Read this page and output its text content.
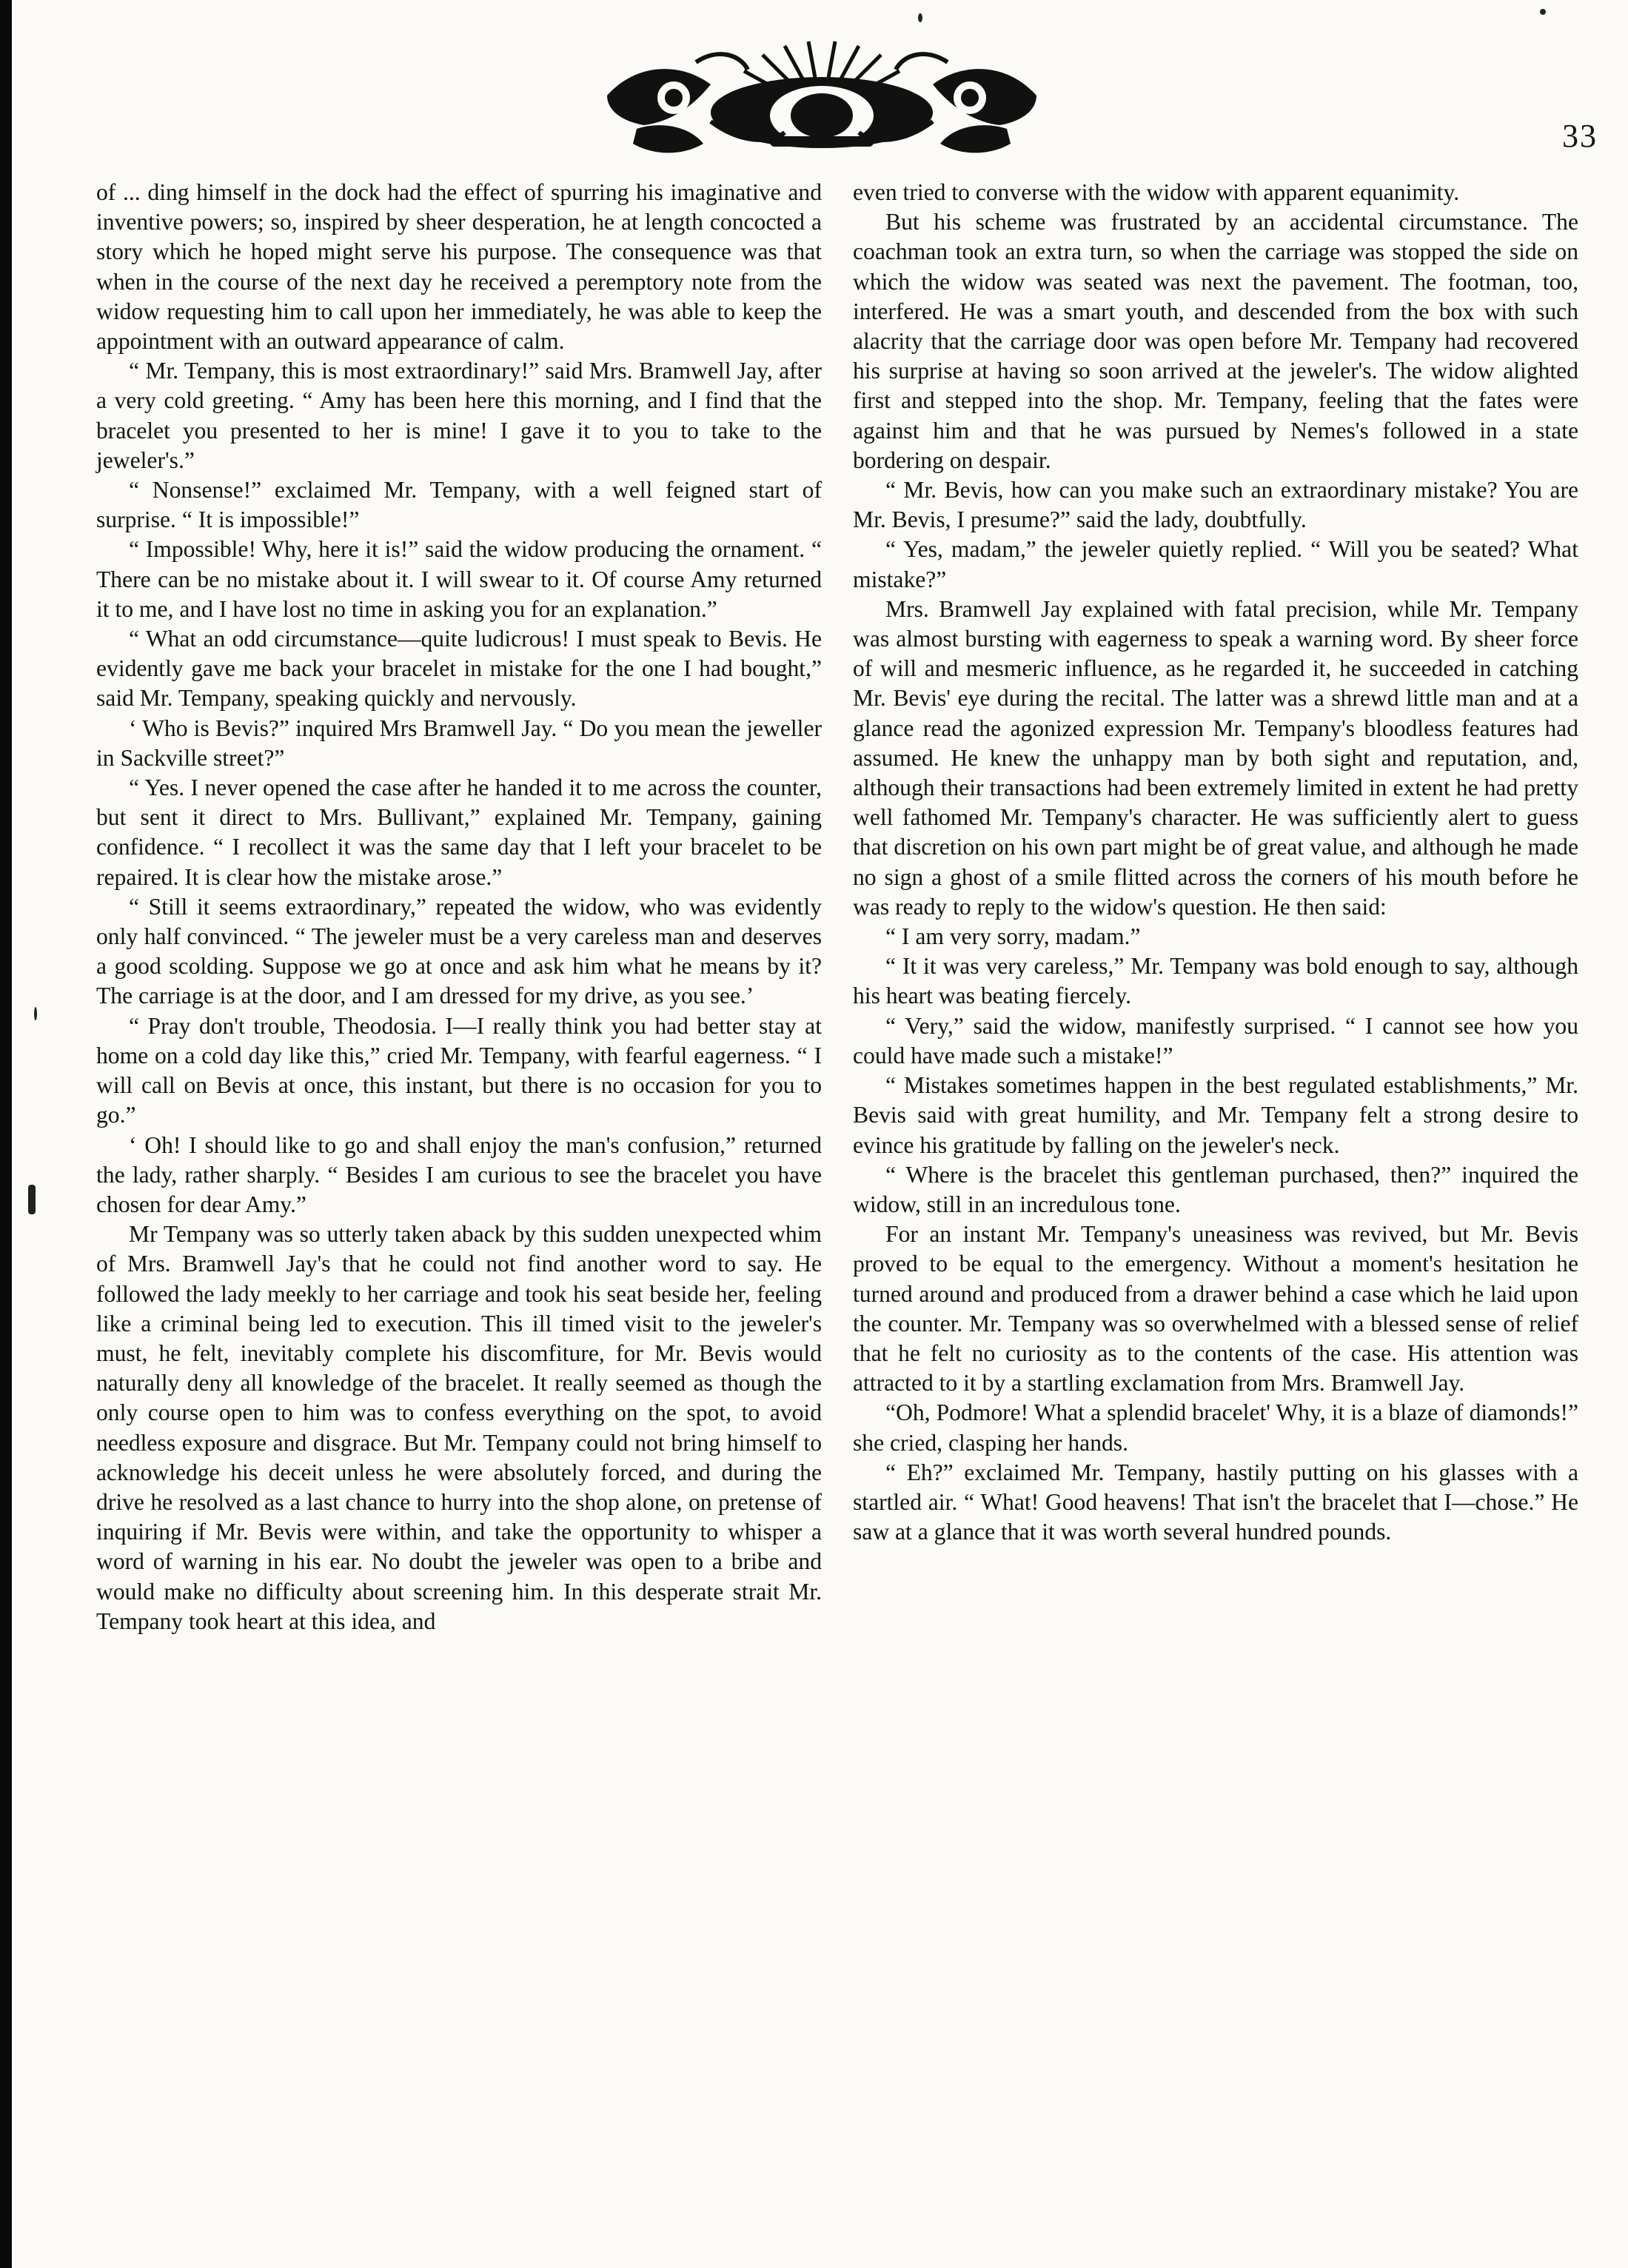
33

of ... ding himself in the dock had the effect of spurring his imaginative and inventive powers; so, inspired by sheer desperation, he at length concocted a story which he hoped might serve his purpose. The consequence was that when in the course of the next day he received a peremptory note from the widow requesting him to call upon her immediately, he was able to keep the appointment with an outward appearance of calm.

“ Mr. Tempany, this is most extraordinary!” said Mrs. Bramwell Jay, after a very cold greeting. “ Amy has been here this morning, and I find that the bracelet you presented to her is mine! I gave it to you to take to the jeweler's.”

“ Nonsense!” exclaimed Mr. Tempany, with a well feigned start of surprise. “ It is impossible!”

“ Impossible! Why, here it is!” said the widow producing the ornament. “ There can be no mistake about it. I will swear to it. Of course Amy returned it to me, and I have lost no time in asking you for an explanation.”

“ What an odd circumstance—quite ludicrous! I must speak to Bevis. He evidently gave me back your bracelet in mistake for the one I had bought,” said Mr. Tempany, speaking quickly and nervously.

‘ Who is Bevis?” inquired Mrs Bramwell Jay. “ Do you mean the jeweller in Sackville street?”

“ Yes. I never opened the case after he handed it to me across the counter, but sent it direct to Mrs. Bullivant,” explained Mr. Tempany, gaining confidence. “ I recollect it was the same day that I left your bracelet to be repaired. It is clear how the mistake arose.”

“ Still it seems extraordinary,” repeated the widow, who was evidently only half convinced. “ The jeweler must be a very careless man and deserves a good scolding. Suppose we go at once and ask him what he means by it? The carriage is at the door, and I am dressed for my drive, as you see.’

“ Pray don't trouble, Theodosia. I—I really think you had better stay at home on a cold day like this,” cried Mr. Tempany, with fearful eagerness. “ I will call on Bevis at once, this instant, but there is no occasion for you to go.”

‘ Oh! I should like to go and shall enjoy the man's confusion,” returned the lady, rather sharply. “ Besides I am curious to see the bracelet you have chosen for dear Amy.”

Mr Tempany was so utterly taken aback by this sudden unexpected whim of Mrs. Bramwell Jay's that he could not find another word to say. He followed the lady meekly to her carriage and took his seat beside her, feeling like a criminal being led to execution. This ill timed visit to the jeweler's must, he felt, inevitably complete his discomfiture, for Mr. Bevis would naturally deny all knowledge of the bracelet. It really seemed as though the only course open to him was to confess everything on the spot, to avoid needless exposure and disgrace. But Mr. Tempany could not bring himself to acknowledge his deceit unless he were absolutely forced, and during the drive he resolved as a last chance to hurry into the shop alone, on pretense of inquiring if Mr. Bevis were within, and take the opportunity to whisper a word of warning in his ear. No doubt the jeweler was open to a bribe and would make no difficulty about screening him. In this desperate strait Mr. Tempany took heart at this idea, and

even tried to converse with the widow with apparent equanimity.

But his scheme was frustrated by an accidental circumstance. The coachman took an extra turn, so when the carriage was stopped the side on which the widow was seated was next the pavement. The footman, too, interfered. He was a smart youth, and descended from the box with such alacrity that the carriage door was open before Mr. Tempany had recovered his surprise at having so soon arrived at the jeweler's. The widow alighted first and stepped into the shop. Mr. Tempany, feeling that the fates were against him and that he was pursued by Nemes's followed in a state bordering on despair.

“ Mr. Bevis, how can you make such an extraordinary mistake? You are Mr. Bevis, I presume?” said the lady, doubtfully.

“ Yes, madam,” the jeweler quietly replied. “ Will you be seated? What mistake?”

Mrs. Bramwell Jay explained with fatal precision, while Mr. Tempany was almost bursting with eagerness to speak a warning word. By sheer force of will and mesmeric influence, as he regarded it, he succeeded in catching Mr. Bevis' eye during the recital. The latter was a shrewd little man and at a glance read the agonized expression Mr. Tempany's bloodless features had assumed. He knew the unhappy man by both sight and reputation, and, although their transactions had been extremely limited in extent he had pretty well fathomed Mr. Tempany's character. He was sufficiently alert to guess that discretion on his own part might be of great value, and although he made no sign a ghost of a smile flitted across the corners of his mouth before he was ready to reply to the widow's question. He then said:

“ I am very sorry, madam.”

“ It it was very careless,” Mr. Tempany was bold enough to say, although his heart was beating fiercely.

“ Very,” said the widow, manifestly surprised. “ I cannot see how you could have made such a mistake!”

“ Mistakes sometimes happen in the best regulated establishments,” Mr. Bevis said with great humility, and Mr. Tempany felt a strong desire to evince his gratitude by falling on the jeweler's neck.

“ Where is the bracelet this gentleman purchased, then?” inquired the widow, still in an incredulous tone.

For an instant Mr. Tempany's uneasiness was revived, but Mr. Bevis proved to be equal to the emergency. Without a moment's hesitation he turned around and produced from a drawer behind a case which he laid upon the counter. Mr. Tempany was so overwhelmed with a blessed sense of relief that he felt no curiosity as to the contents of the case. His attention was attracted to it by a startling exclamation from Mrs. Bramwell Jay.

“Oh, Podmore! What a splendid bracelet' Why, it is a blaze of diamonds!” she cried, clasping her hands.

“ Eh?” exclaimed Mr. Tempany, hastily putting on his glasses with a startled air. “ What! Good heavens! That isn't the bracelet that I—chose.” He saw at a glance that it was worth several hundred pounds.
